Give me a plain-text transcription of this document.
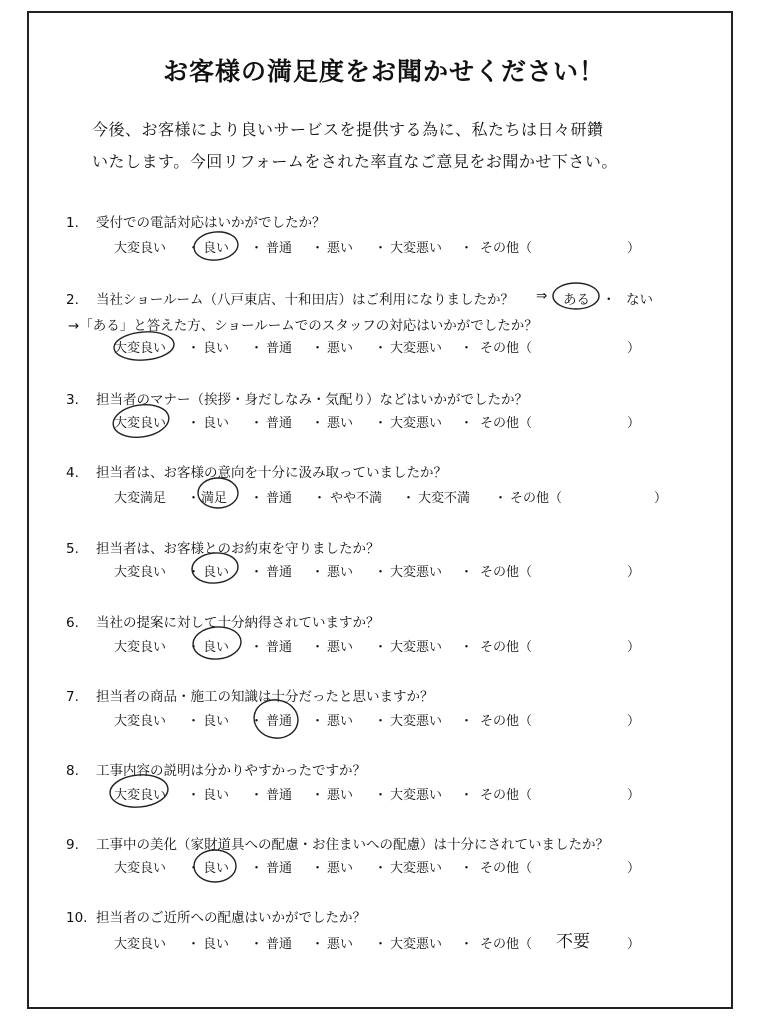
お客様の満足度をお聞かせください！
今後、お客様により良いサービスを提供する為に、私たちは日々研鑽
いたします。今回リフォームをされた率直なご意見をお聞かせ下さい。
1. 受付での電話対応はいかがでしたか？
2. 当社ショールーム（八戸東店、十和田店）はご利用になりましたか？ ⇒ ある ・ ない
→「ある」と答えた方、ショールームでのスタッフの対応はいかがでしたか？
3. 担当者のマナー（挨拶・身だしなみ・気配り）などはいかがでしたか？
4. 担当者は、お客様の意向を十分に汲み取っていましたか？
5. 担当者は、お客様とのお約束を守りましたか？
6. 当社の提案に対して十分納得されていますか？
7. 担当者の商品・施工の知識は十分だったと思いますか？
8. 工事内容の説明は分かりやすかったですか？
9. 工事中の美化（家財道具への配慮・お住まいへの配慮）は十分にされていましたか？
10. 担当者のご近所への配慮はいかがでしたか？
大変良い	良い	普通	悪い	大変悪い	その他（
・	・	・	・	・	）
大変良い	良い	普通	悪い	大変悪い	その他（
・	・	・	・	・	）
大変良い	良い	普通	悪い	大変悪い	その他（
・	・	・	・	・	）
大変満足	満足	普通	やや不満	大変不満	その他（
・	・	・	・	・	）
大変良い	良い	普通	悪い	大変悪い	その他（
・	・	・	・	・	）
大変良い	良い	普通	悪い	大変悪い	その他（
・	・	・	・	・	）
大変良い	良い	普通	悪い	大変悪い	その他（
・	・	・	・	・	）
大変良い	良い	普通	悪い	大変悪い	その他（
・	・	・	・	・	）
大変良い	良い	普通	悪い	大変悪い	その他（
・	・	・	・	・	）
大変良い	良い	普通	悪い	大変悪い	その他（
・	・	・	・	・	）
不要
